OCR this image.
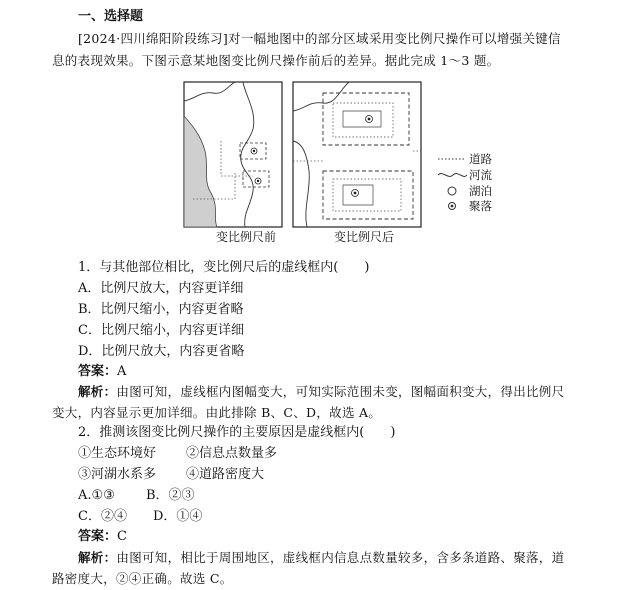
一、选择题
[2024·四川绵阳阶段练习]对一幅地图中的部分区域采用变比例尺操作可以增强关键信
息的表现效果。下图示意某地图变比例尺操作前后的差异。据此完成 1～3 题。
道路
河流
湖泊
聚落
变比例尺前	变比例尺后
1．与其他部位相比，变比例尺后的虚线框内(　　)
A．比例尺放大，内容更详细
B．比例尺缩小，内容更省略
C．比例尺缩小，内容更详细
D．比例尺放大，内容更省略
答案：A
解析：由图可知，虚线框内图幅变大，可知实际范围未变，图幅面积变大，得出比例尺
变大，内容显示更加详细。由此排除 B、C、D，故选 A。
2．推测该图变比例尺操作的主要原因是虚线框内(　　)
①生态环境好 ②信息点数量多
③河湖水系多 ④道路密度大
A.①③ B．②③
C．②④ D．①④
答案：C
解析：由图可知，相比于周围地区，虚线框内信息点数量较多，含多条道路、聚落，道
路密度大，②④正确。故选 C。
